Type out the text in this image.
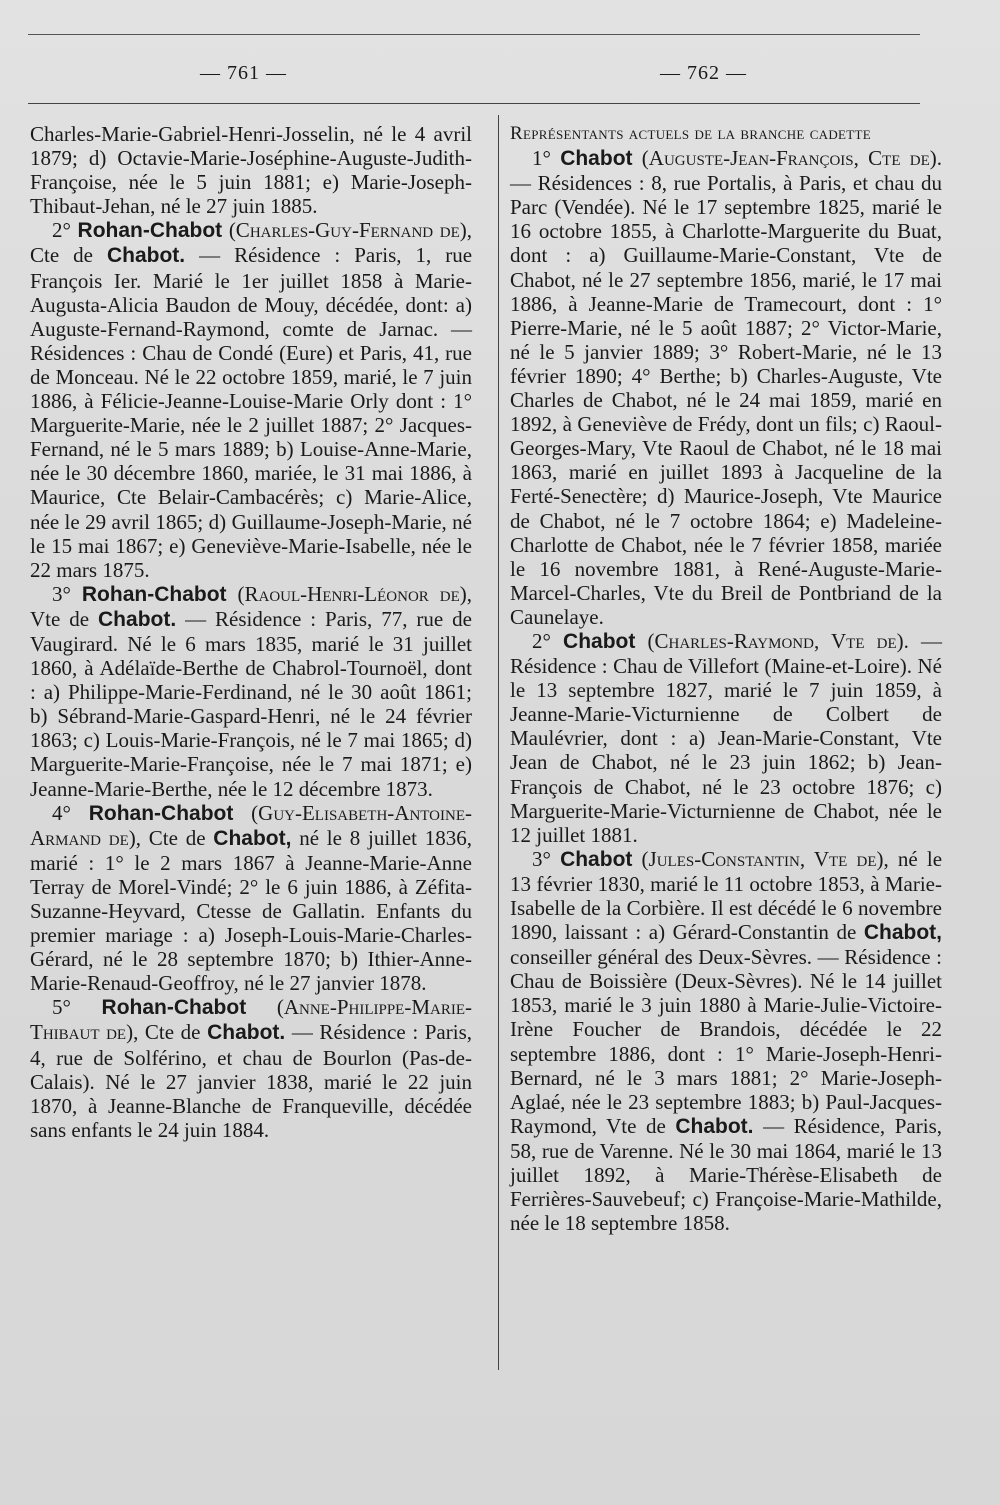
— 761 —	— 762 —

Charles-Marie-Gabriel-Henri-Josselin, né le 4 avril 1879; d) Octavie-Marie-Joséphine-Auguste-Judith-Françoise, née le 5 juin 1881; e) Marie-Joseph-Thibaut-Jehan, né le 27 juin 1885.

2° Rohan-Chabot (Charles-Guy-Fernand de), Cte de Chabot. — Résidence : Paris, 1, rue François Ier. Marié le 1er juillet 1858 à Marie-Augusta-Alicia Baudon de Mouy, décédée, dont: a) Auguste-Fernand-Raymond, comte de Jarnac. — Résidences : Chau de Condé (Eure) et Paris, 41, rue de Monceau. Né le 22 octobre 1859, marié, le 7 juin 1886, à Félicie-Jeanne-Louise-Marie Orly dont : 1° Marguerite-Marie, née le 2 juillet 1887; 2° Jacques-Fernand, né le 5 mars 1889; b) Louise-Anne-Marie, née le 30 décembre 1860, mariée, le 31 mai 1886, à Maurice, Cte Belair-Cambacérès; c) Marie-Alice, née le 29 avril 1865; d) Guillaume-Joseph-Marie, né le 15 mai 1867; e) Geneviève-Marie-Isabelle, née le 22 mars 1875.

3° Rohan-Chabot (Raoul-Henri-Léonor de), Vte de Chabot. — Résidence : Paris, 77, rue de Vaugirard. Né le 6 mars 1835, marié le 31 juillet 1860, à Adélaïde-Berthe de Chabrol-Tournoël, dont : a) Philippe-Marie-Ferdinand, né le 30 août 1861; b) Sébrand-Marie-Gaspard-Henri, né le 24 février 1863; c) Louis-Marie-François, né le 7 mai 1865; d) Marguerite-Marie-Françoise, née le 7 mai 1871; e) Jeanne-Marie-Berthe, née le 12 décembre 1873.

4° Rohan-Chabot (Guy-Elisabeth-Antoine-Armand de), Cte de Chabot, né le 8 juillet 1836, marié : 1° le 2 mars 1867 à Jeanne-Marie-Anne Terray de Morel-Vindé; 2° le 6 juin 1886, à Zéfita-Suzanne-Heyvard, Ctesse de Gallatin. Enfants du premier mariage : a) Joseph-Louis-Marie-Charles-Gérard, né le 28 septembre 1870; b) Ithier-Anne-Marie-Renaud-Geoffroy, né le 27 janvier 1878.

5° Rohan-Chabot (Anne-Philippe-Marie-Thibaut de), Cte de Chabot. — Résidence : Paris, 4, rue de Solférino, et chau de Bourlon (Pas-de-Calais). Né le 27 janvier 1838, marié le 22 juin 1870, à Jeanne-Blanche de Franqueville, décédée sans enfants le 24 juin 1884.

Représentants actuels de la branche cadette

1° Chabot (Auguste-Jean-François, Cte de). — Résidences : 8, rue Portalis, à Paris, et chau du Parc (Vendée). Né le 17 septembre 1825, marié le 16 octobre 1855, à Charlotte-Marguerite du Buat, dont : a) Guillaume-Marie-Constant, Vte de Chabot, né le 27 septembre 1856, marié, le 17 mai 1886, à Jeanne-Marie de Tramecourt, dont : 1° Pierre-Marie, né le 5 août 1887; 2° Victor-Marie, né le 5 janvier 1889; 3° Robert-Marie, né le 13 février 1890; 4° Berthe; b) Charles-Auguste, Vte Charles de Chabot, né le 24 mai 1859, marié en 1892, à Geneviève de Frédy, dont un fils; c) Raoul-Georges-Mary, Vte Raoul de Chabot, né le 18 mai 1863, marié en juillet 1893 à Jacqueline de la Ferté-Senectère; d) Maurice-Joseph, Vte Maurice de Chabot, né le 7 octobre 1864; e) Madeleine-Charlotte de Chabot, née le 7 février 1858, mariée le 16 novembre 1881, à René-Auguste-Marie-Marcel-Charles, Vte du Breil de Pontbriand de la Caunelaye.

2° Chabot (Charles-Raymond, Vte de). — Résidence : Chau de Villefort (Maine-et-Loire). Né le 13 septembre 1827, marié le 7 juin 1859, à Jeanne-Marie-Victurnienne de Colbert de Maulévrier, dont : a) Jean-Marie-Constant, Vte Jean de Chabot, né le 23 juin 1862; b) Jean-François de Chabot, né le 23 octobre 1876; c) Marguerite-Marie-Victurnienne de Chabot, née le 12 juillet 1881.

3° Chabot (Jules-Constantin, Vte de), né le 13 février 1830, marié le 11 octobre 1853, à Marie-Isabelle de la Corbière. Il est décédé le 6 novembre 1890, laissant : a) Gérard-Constantin de Chabot, conseiller général des Deux-Sèvres. — Résidence : Chau de Boissière (Deux-Sèvres). Né le 14 juillet 1853, marié le 3 juin 1880 à Marie-Julie-Victoire-Irène Foucher de Brandois, décédée le 22 septembre 1886, dont : 1° Marie-Joseph-Henri-Bernard, né le 3 mars 1881; 2° Marie-Joseph-Aglaé, née le 23 septembre 1883; b) Paul-Jacques-Raymond, Vte de Chabot. — Résidence, Paris, 58, rue de Varenne. Né le 30 mai 1864, marié le 13 juillet 1892, à Marie-Thérèse-Elisabeth de Ferrières-Sauvebeuf; c) Françoise-Marie-Mathilde, née le 18 septembre 1858.
